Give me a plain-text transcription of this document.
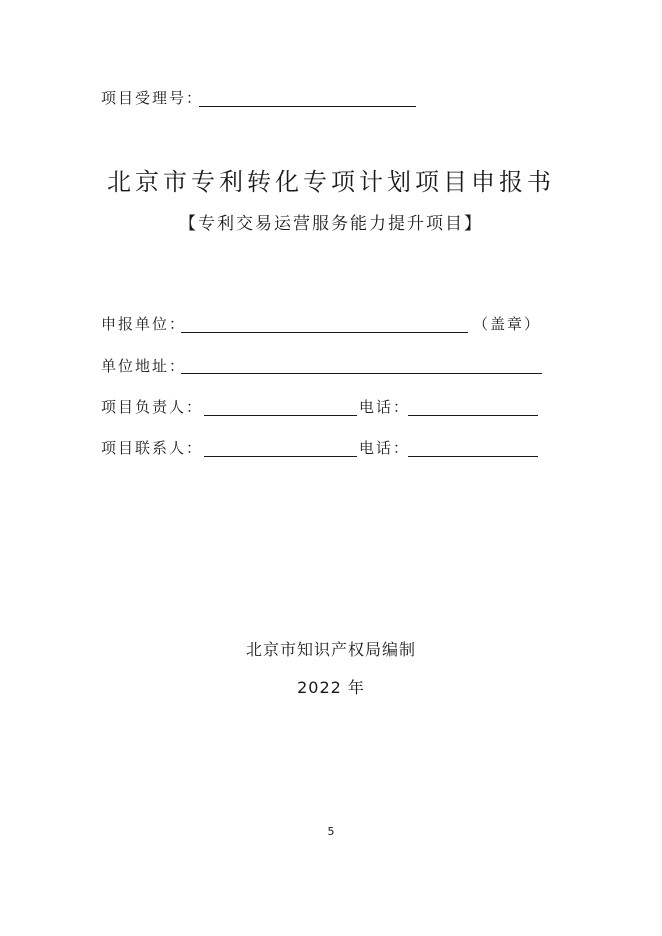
项目受理号：
北京市专利转化专项计划项目申报书
【专利交易运营服务能力提升项目】
申报单位：	（盖章）
单位地址：
项目负责人：	电话：
项目联系人：	电话：
北京市知识产权局编制
2022 年
5
